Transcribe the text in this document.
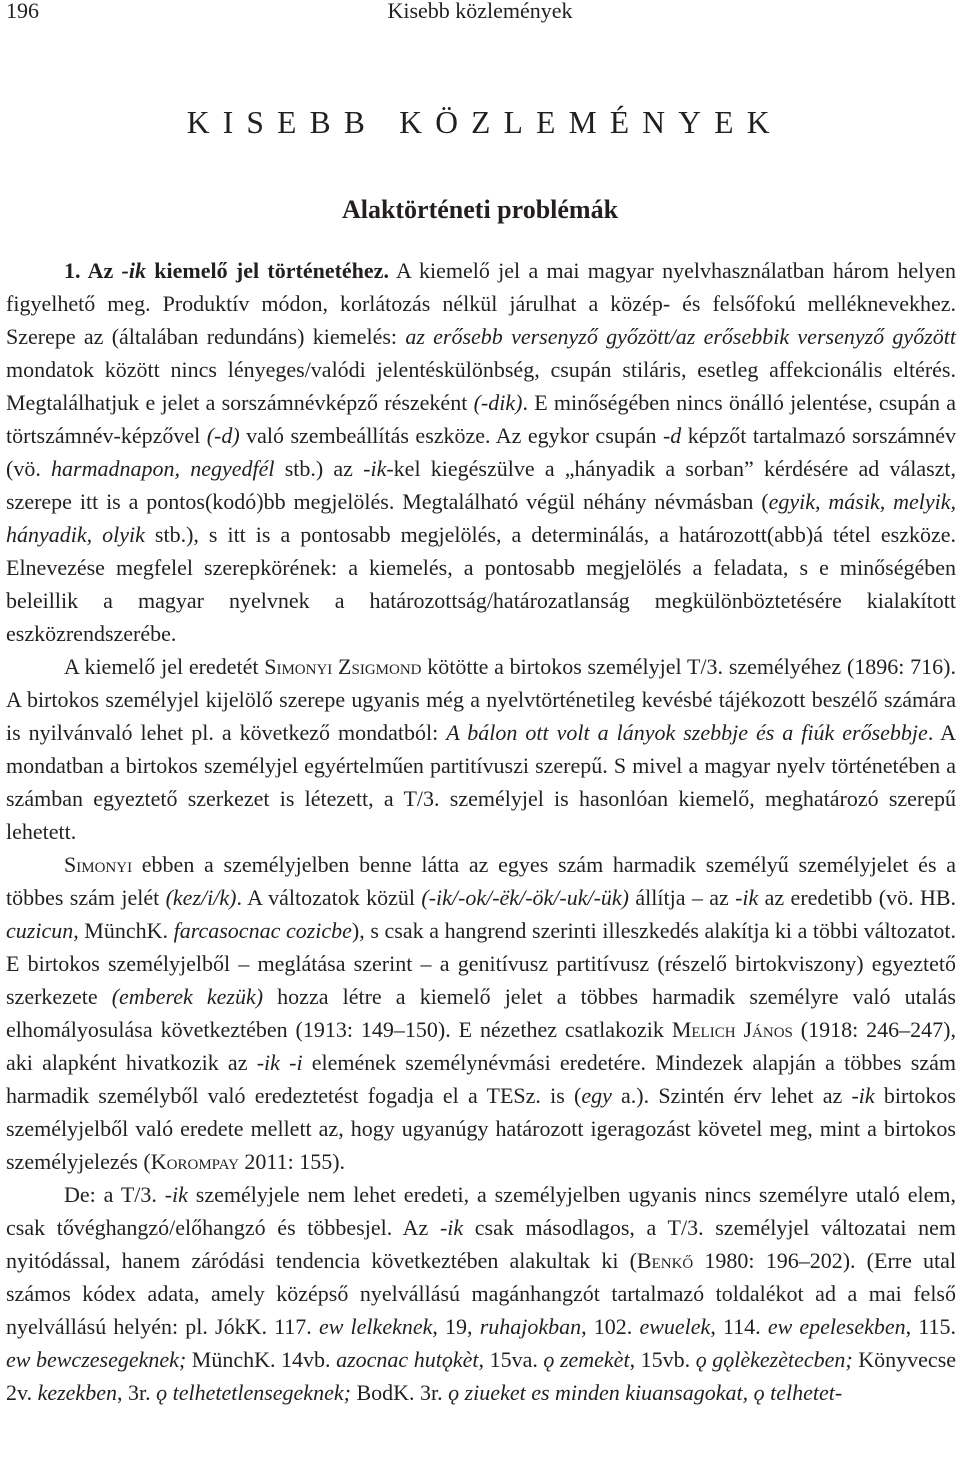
196	Kisebb közlemények
KISEBB KÖZLEMÉNYEK
Alaktörténeti problémák

1. Az -ik kiemelő jel történetéhez. A kiemelő jel a mai magyar nyelvhasználatban három helyen figyelhető meg. Produktív módon, korlátozás nélkül járulhat a közép- és felsőfokú melléknevekhez. Szerepe az (általában redundáns) kiemelés: az erősebb versenyző győzött/az erősebbik versenyző győzött mondatok között nincs lényeges/valódi jelentéskülönbség, csupán stiláris, esetleg affekcionális eltérés. Megtalálhatjuk e jelet a sorszámnévképző részeként (-dik). E minőségében nincs önálló jelentése, csupán a törtszámnév-képzővel (-d) való szembeállítás eszköze. Az egykor csupán -d képzőt tartalmazó sorszámnév (vö. harmadnapon, negyedfél stb.) az -ik-kel kiegészülve a „hányadik a sorban” kérdésére ad választ, szerepe itt is a pontos(kodó)bb megjelölés. Megtalálható végül néhány névmásban (egyik, másik, melyik, hányadik, olyik stb.), s itt is a pontosabb megjelölés, a determinálás, a határozott(abb)á tétel eszköze. Elnevezése megfelel szerepkörének: a kiemelés, a pontosabb megjelölés a feladata, s e minőségében beleillik a magyar nyelvnek a határozottság/határozatlanság megkülönböztetésére kialakított eszközrendszerébe.

A kiemelő jel eredetét Simonyi Zsigmond kötötte a birtokos személyjel T/3. személyéhez (1896: 716). A birtokos személyjel kijelölő szerepe ugyanis még a nyelvtörténetileg kevésbé tájékozott beszélő számára is nyilvánvaló lehet pl. a következő mondatból: A bálon ott volt a lányok szebbje és a fiúk erősebbje. A mondatban a birtokos személyjel egyértelműen partitívuszi szerepű. S mivel a magyar nyelv történetében a számban egyeztető szerkezet is létezett, a T/3. személyjel is hasonlóan kiemelő, meghatározó szerepű lehetett.

Simonyi ebben a személyjelben benne látta az egyes szám harmadik személyű személyjelet és a többes szám jelét (kez/i/k). A változatok közül (-ik/-ok/-ëk/-ök/-uk/-ük) állítja – az -ik az eredetibb (vö. HB. cuzicun, MünchK. farcasocnac cozicbe), s csak a hangrend szerinti illeszkedés alakítja ki a többi változatot. E birtokos személyjelből – meglátása szerint – a genitívusz partitívusz (részelő birtokviszony) egyeztető szerkezete (emberek kezük) hozza létre a kiemelő jelet a többes harmadik személyre való utalás elhomályosulása következtében (1913: 149–150). E nézethez csatlakozik Melich János (1918: 246–247), aki alapként hivatkozik az -ik -i elemének személynévmási eredetére. Mindezek alapján a többes szám harmadik személyből való eredeztetést fogadja el a TESz. is (egy a.). Szintén érv lehet az -ik birtokos személyjelből való eredete mellett az, hogy ugyanúgy határozott igeragozást követel meg, mint a birtokos személyjelezés (Korompay 2011: 155).

De: a T/3. -ik személyjele nem lehet eredeti, a személyjelben ugyanis nincs személyre utaló elem, csak tővéghangzó/előhangzó és többesjel. Az -ik csak másodlagos, a T/3. személyjel változatai nem nyitódással, hanem záródási tendencia következtében alakultak ki (Benkő 1980: 196–202). (Erre utal számos kódex adata, amely középső nyelvállású magánhangzót tartalmazó toldalékot ad a mai felső nyelvállású helyén: pl. JókK. 117. ew lelkeknek, 19, ruhajokban, 102. ewuelek, 114. ew epelesekben, 115. ew bewczesegeknek; MünchK. 14vb. azocnac hutǫkèt, 15va. ǫ zemekèt, 15vb. ǫ gǫlèkezètecben; Könyvecse 2v. kezekben, 3r. ǫ telhetetlensegeknek; BodK. 3r. ǫ ziueket es minden kiuansagokat, ǫ telhetet-
